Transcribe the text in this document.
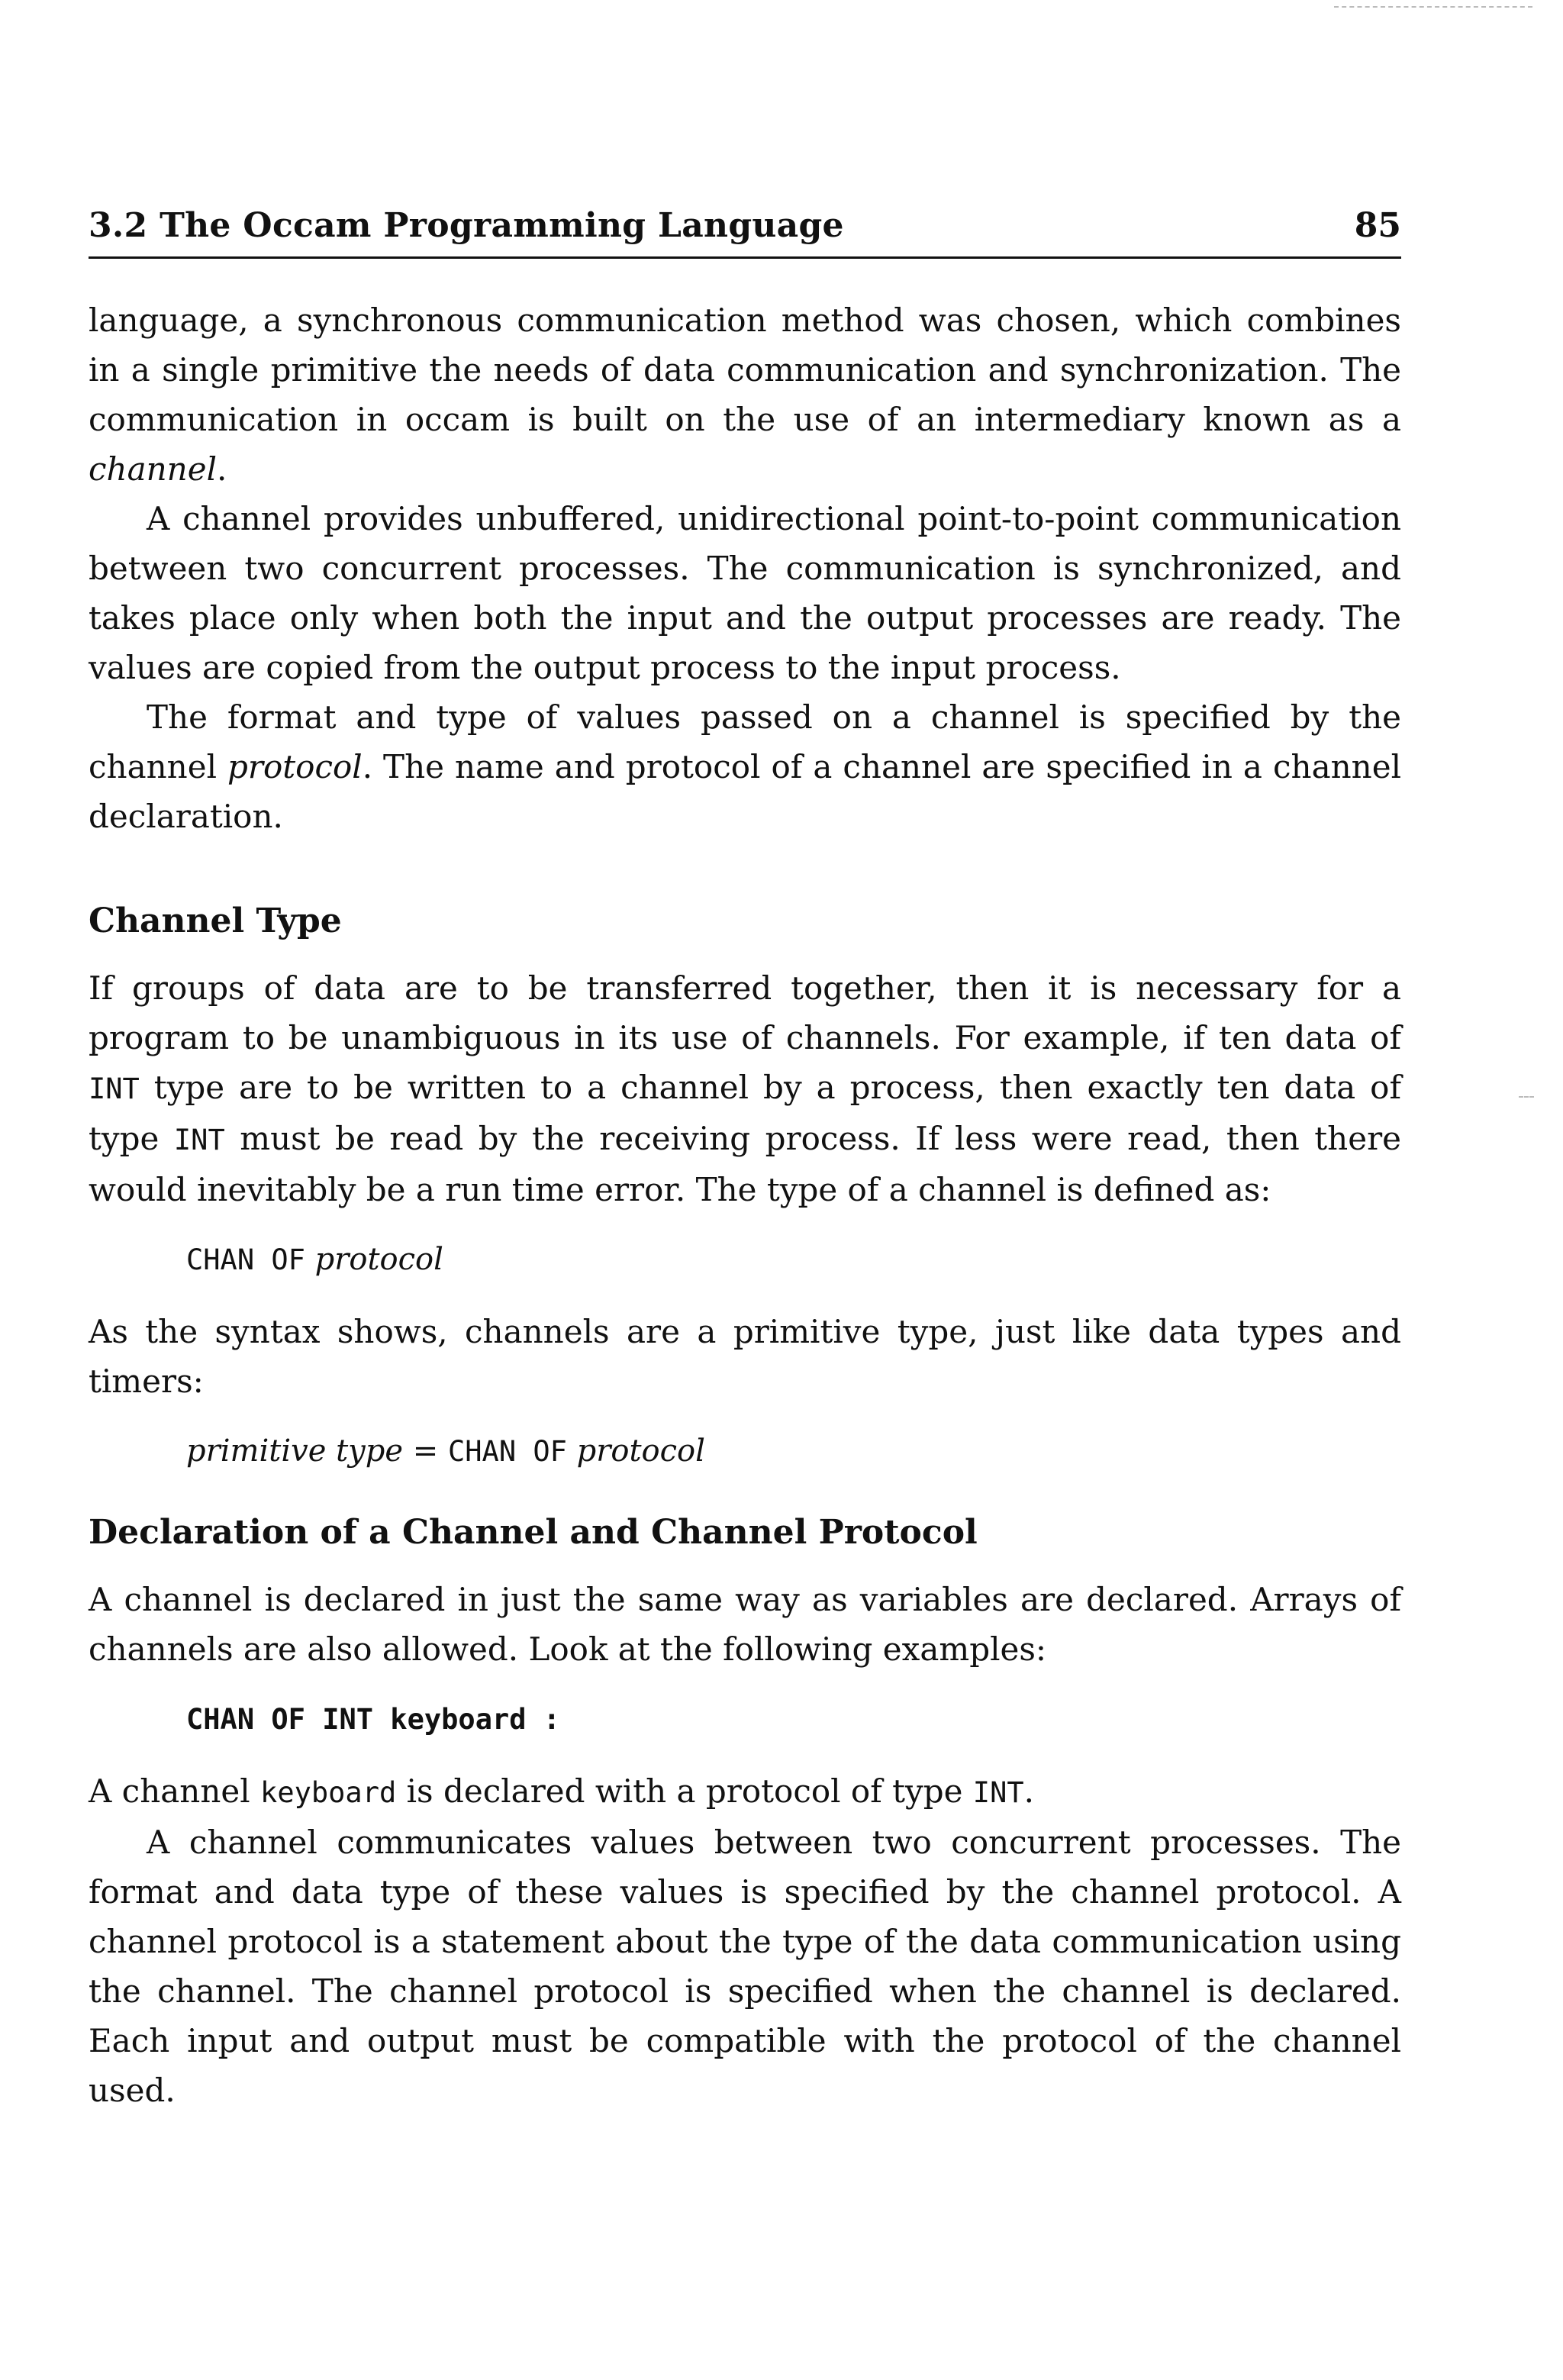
3.2 The Occam Programming Language	85

language, a synchronous communication method was chosen, which combines in a single primitive the needs of data communication and synchronization. The communication in occam is built on the use of an intermediary known as a channel.

A channel provides unbuffered, unidirectional point-to-point communication between two concurrent processes. The communication is synchronized, and takes place only when both the input and the output processes are ready. The values are copied from the output process to the input process.

The format and type of values passed on a channel is specified by the channel protocol. The name and protocol of a channel are specified in a channel declaration.

Channel Type

If groups of data are to be transferred together, then it is necessary for a program to be unambiguous in its use of channels. For example, if ten data of INT type are to be written to a channel by a process, then exactly ten data of type INT must be read by the receiving process. If less were read, then there would inevitably be a run time error. The type of a channel is defined as:

CHAN OF protocol

As the syntax shows, channels are a primitive type, just like data types and timers:

primitive type = CHAN OF protocol
Declaration of a Channel and Channel Protocol

A channel is declared in just the same way as variables are declared. Arrays of channels are also allowed. Look at the following examples:

CHAN OF INT keyboard :

A channel keyboard is declared with a protocol of type INT.

A channel communicates values between two concurrent processes. The format and data type of these values is specified by the channel protocol. A channel protocol is a statement about the type of the data communication using the channel. The channel protocol is specified when the channel is declared. Each input and output must be compatible with the protocol of the channel used.
